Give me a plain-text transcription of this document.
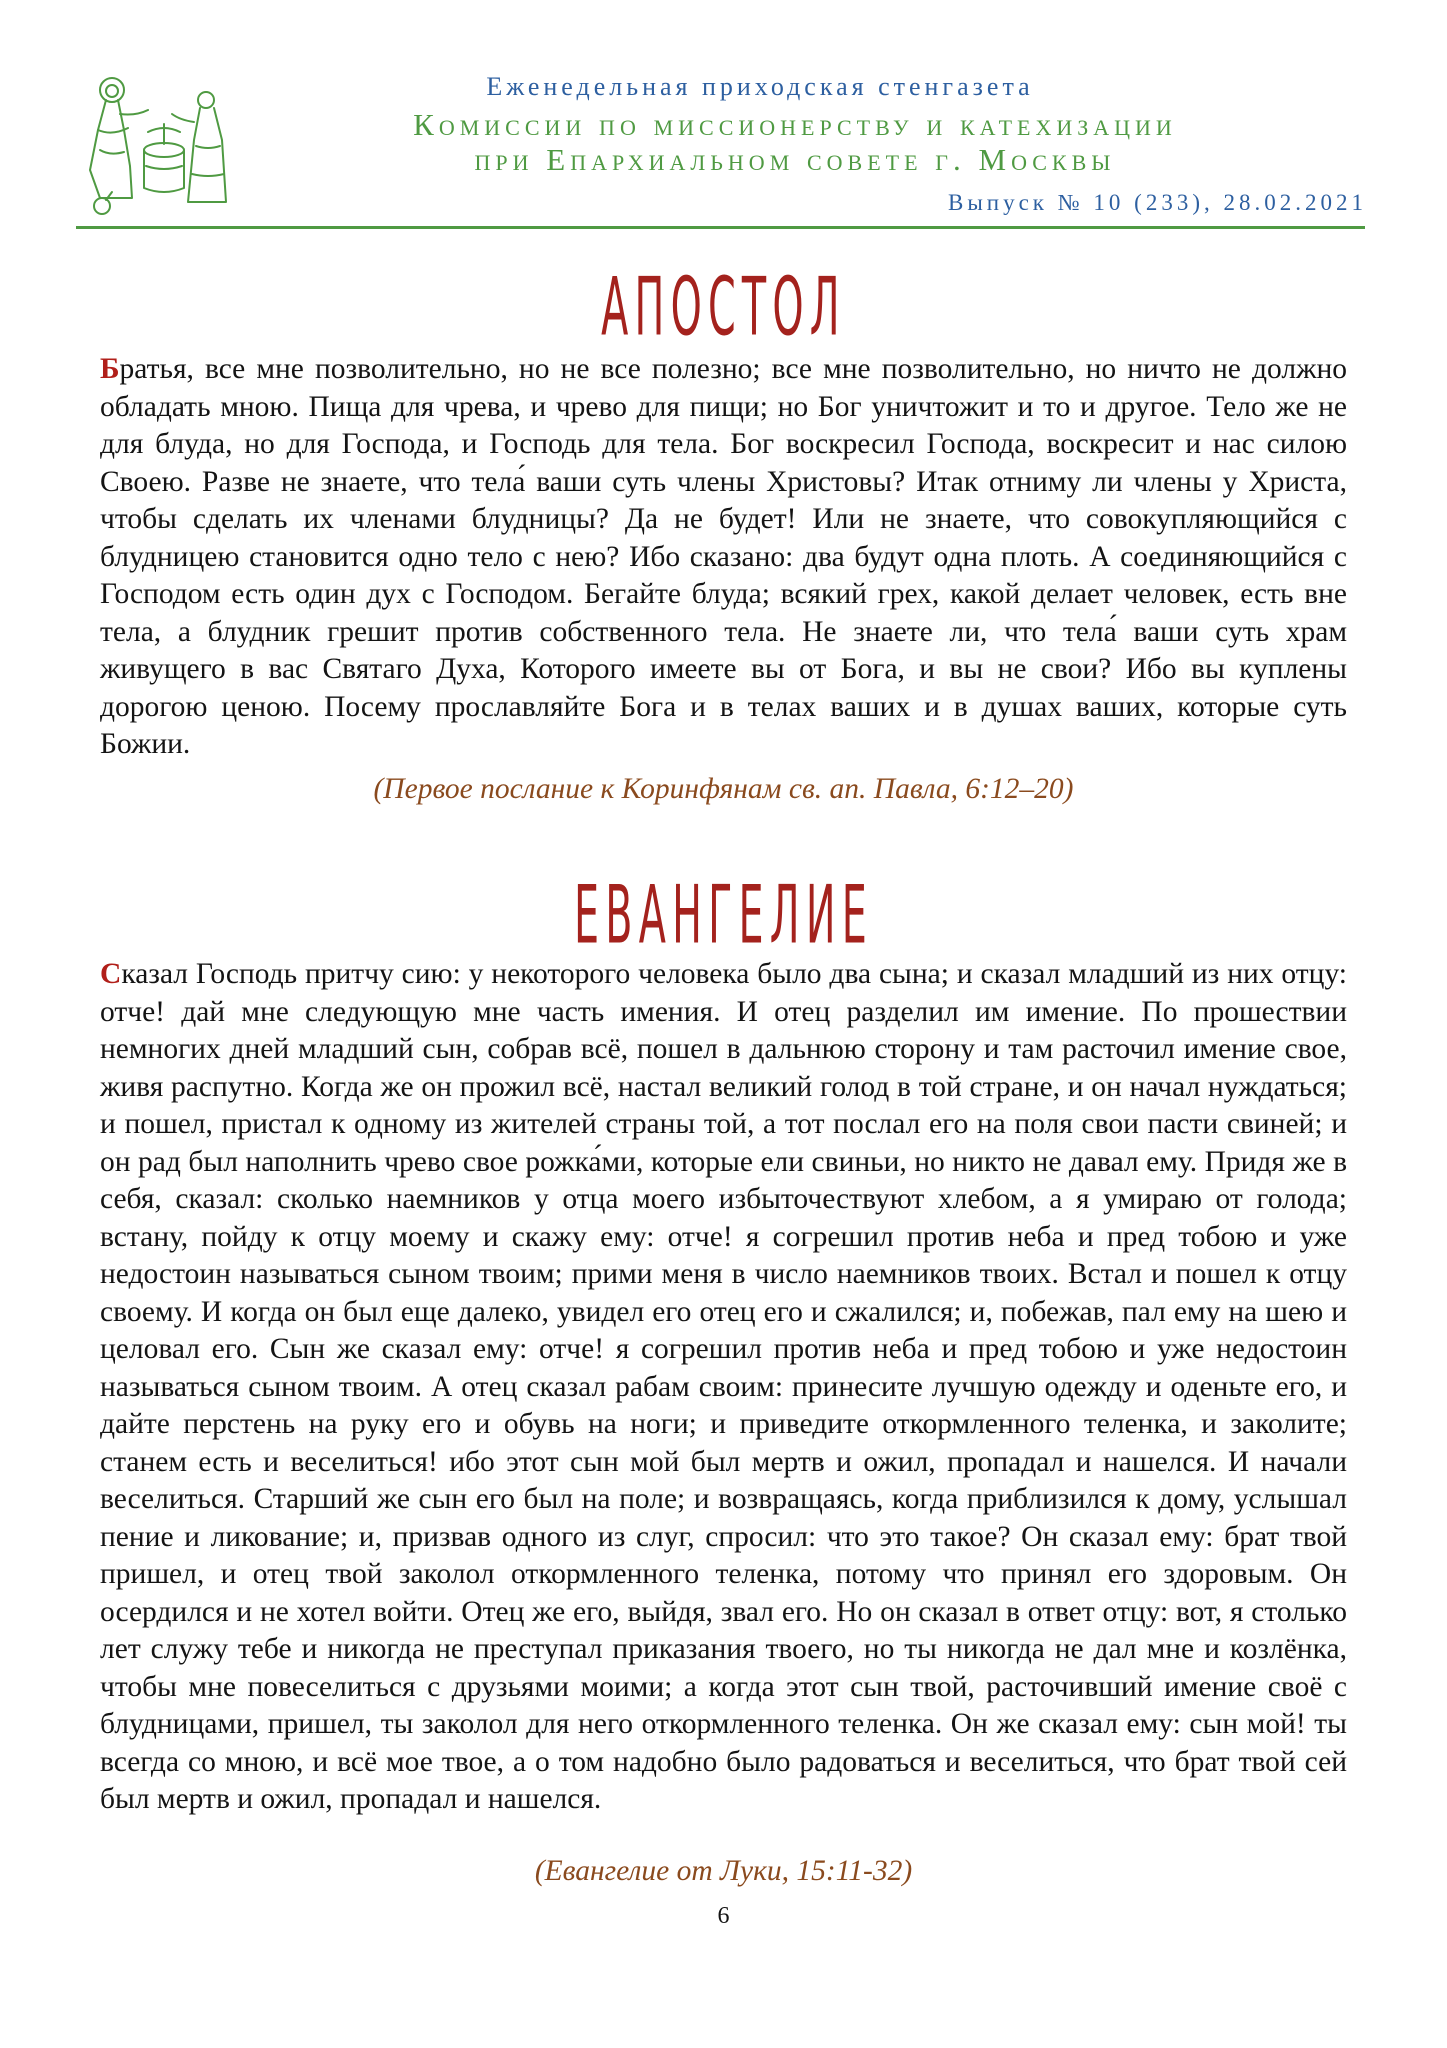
Еженедельная приходская стенгазета
Комиссии по миссионерству и катехизации
при Епархиальном совете г. Москвы
Выпуск № 10 (233), 28.02.2021
АПОСТОЛ
Братья, все мне позволительно, но не все полезно; все мне позволительно, но ничто не должно обладать мною. Пища для чрева, и чрево для пищи; но Бог уничтожит и то и другое. Тело же не для блуда, но для Господа, и Господь для тела. Бог воскресил Господа, воскресит и нас силою Своею. Разве не знаете, что тела́ ваши суть члены Христовы? Итак отниму ли члены у Христа, чтобы сделать их членами блудницы? Да не будет! Или не знаете, что совокупляющийся с блудницею становится одно тело с нею? Ибо сказано: два будут одна плоть. А соединяющийся с Господом есть один дух с Господом. Бегайте блуда; всякий грех, какой делает человек, есть вне тела, а блудник грешит против собственного тела. Не знаете ли, что тела́ ваши суть храм живущего в вас Святаго Духа, Которого имеете вы от Бога, и вы не свои? Ибо вы куплены дорогою ценою. Посему прославляйте Бога и в телах ваших и в душах ваших, которые суть Божии.
(Первое послание к Коринфянам св. ап. Павла, 6:12–20)
ЕВАНГЕЛИЕ
Сказал Господь притчу сию: у некоторого человека было два сына; и сказал младший из них отцу: отче! дай мне следующую мне часть имения. И отец разделил им имение. По прошествии немногих дней младший сын, собрав всё, пошел в дальнюю сторону и там расточил имение свое, живя распутно. Когда же он прожил всё, настал великий голод в той стране, и он начал нуждаться; и пошел, пристал к одному из жителей страны той, а тот послал его на поля свои пасти свиней; и он рад был наполнить чрево свое рожка́ми, которые ели свиньи, но никто не давал ему. Придя же в себя, сказал: сколько наемников у отца моего избыточествуют хлебом, а я умираю от голода; встану, пойду к отцу моему и скажу ему: отче! я согрешил против неба и пред тобою и уже недостоин называться сыном твоим; прими меня в число наемников твоих. Встал и пошел к отцу своему. И когда он был еще далеко, увидел его отец его и сжалился; и, побежав, пал ему на шею и целовал его. Сын же сказал ему: отче! я согрешил против неба и пред тобою и уже недостоин называться сыном твоим. А отец сказал рабам своим: принесите лучшую одежду и оденьте его, и дайте перстень на руку его и обувь на ноги; и приведите откормленного теленка, и заколите; станем есть и веселиться! ибо этот сын мой был мертв и ожил, пропадал и нашелся. И начали веселиться. Старший же сын его был на поле; и возвращаясь, когда приблизился к дому, услышал пение и ликование; и, призвав одного из слуг, спросил: что это такое? Он сказал ему: брат твой пришел, и отец твой заколол откормленного теленка, потому что принял его здоровым. Он осердился и не хотел войти. Отец же его, выйдя, звал его. Но он сказал в ответ отцу: вот, я столько лет служу тебе и никогда не преступал приказания твоего, но ты никогда не дал мне и козлёнка, чтобы мне повеселиться с друзьями моими; а когда этот сын твой, расточивший имение своё с блудницами, пришел, ты заколол для него откормленного теленка. Он же сказал ему: сын мой! ты всегда со мною, и всё мое твое, а о том надобно было радоваться и веселиться, что брат твой сей был мертв и ожил, пропадал и нашелся.
(Евангелие от Луки, 15:11-32)
6
